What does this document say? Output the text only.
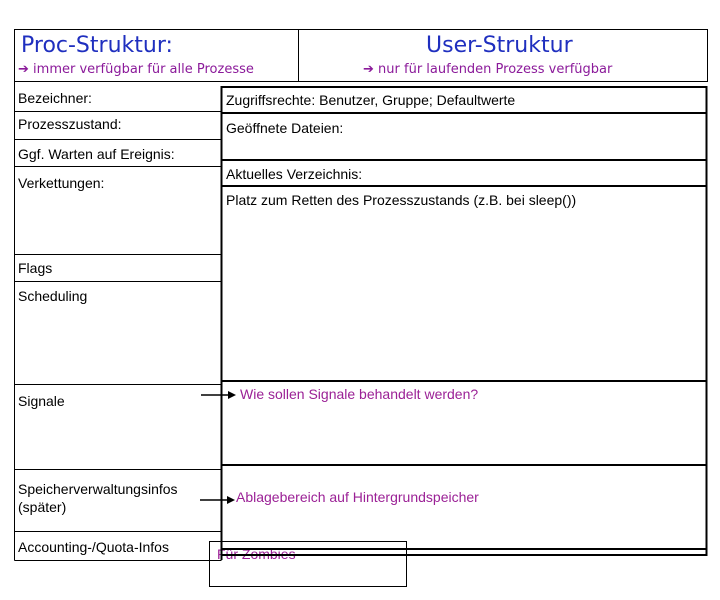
Proc-Struktur:
➔ immer verfügbar für alle Prozesse
User-Struktur
➔ nur für laufenden Prozess verfügbar
Bezeichner:
Prozesszustand:
Ggf. Warten auf Ereignis:
Verkettungen:
Flags
Scheduling
Signale
Speicherverwaltungsinfos (später)
Accounting-/Quota-Infos
Zugriffsrechte: Benutzer, Gruppe; Defaultwerte
Geöffnete Dateien:
Aktuelles Verzeichnis:
Platz zum Retten des Prozesszustands (z.B. bei sleep())
Wie sollen Signale behandelt werden?
Ablagebereich auf Hintergrundspeicher
Für Zombies
